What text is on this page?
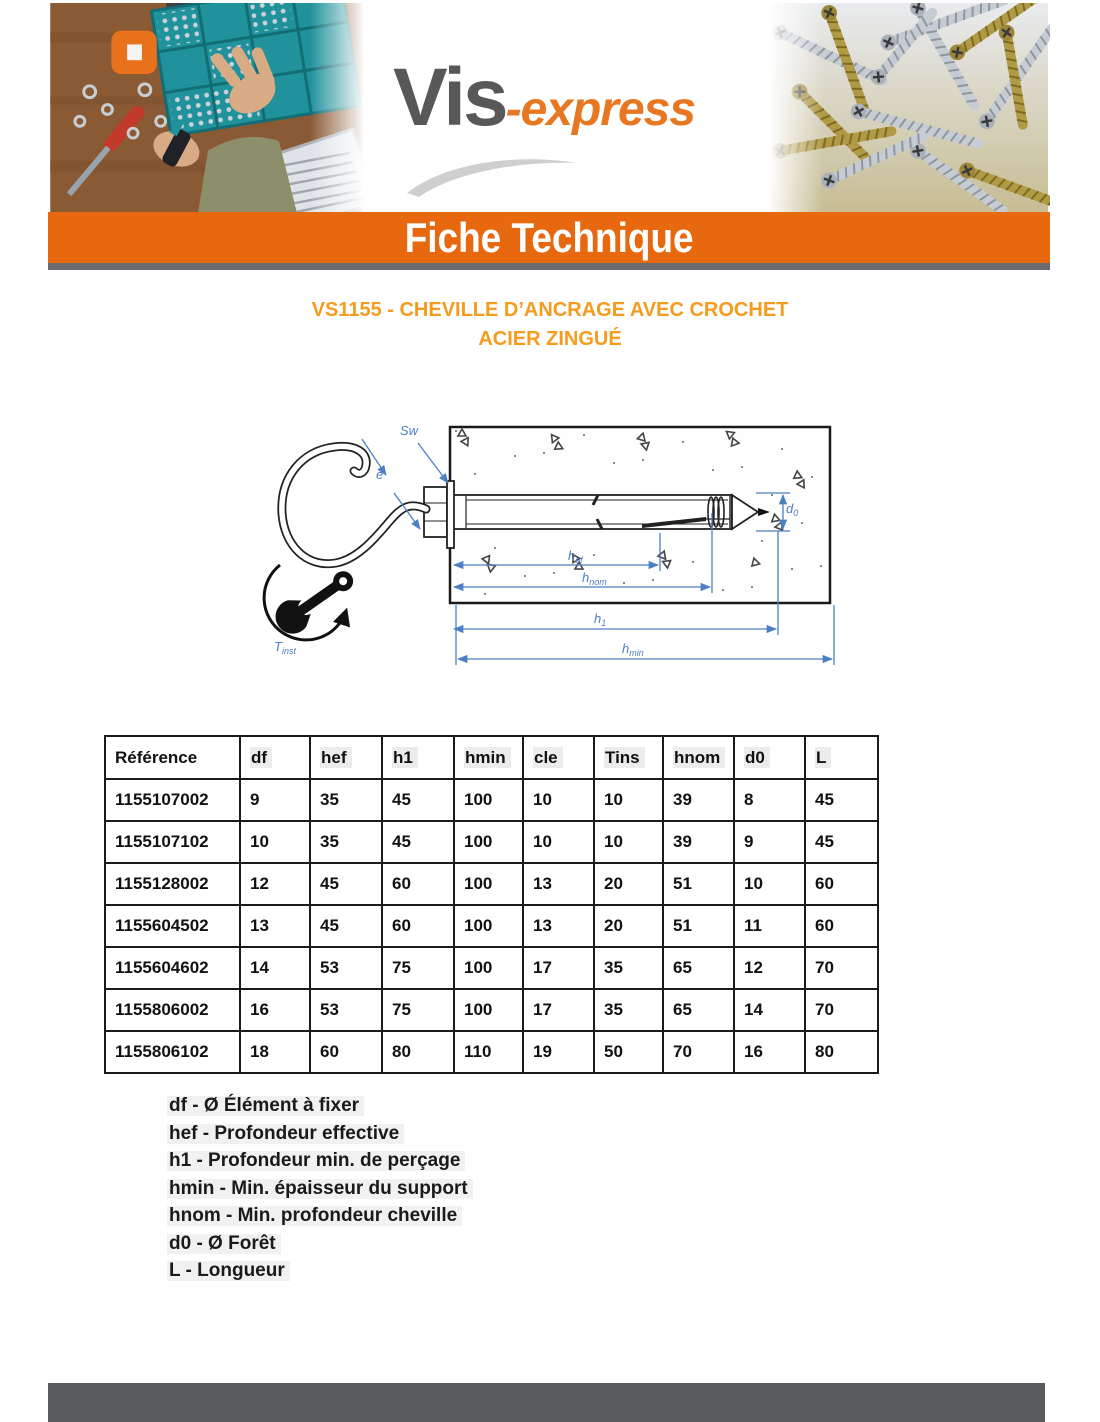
Vis-express
Fiche Technique
VS1155 - CHEVILLE D’ANCRAGE AVEC CROCHET
ACIER ZINGUÉ
Sw
e
$d_0$
$h_{ef}$
$h_{nom}$
$h_1$
$h_{min}$
$T_{inst}$
Référence	df	hef	h1	hmin	cle	Tins	hnom	d0	L
1155107002	9	35	45	100	10	10	39	8	45
1155107102	10	35	45	100	10	10	39	9	45
1155128002	12	45	60	100	13	20	51	10	60
1155604502	13	45	60	100	13	20	51	11	60
1155604602	14	53	75	100	17	35	65	12	70
1155806002	16	53	75	100	17	35	65	14	70
1155806102	18	60	80	110	19	50	70	16	80
df - Ø Élément à fixer
hef - Profondeur effective
h1 - Profondeur min. de perçage
hmin - Min. épaisseur du support
hnom - Min. profondeur cheville
d0 - Ø Forêt
L - Longueur
